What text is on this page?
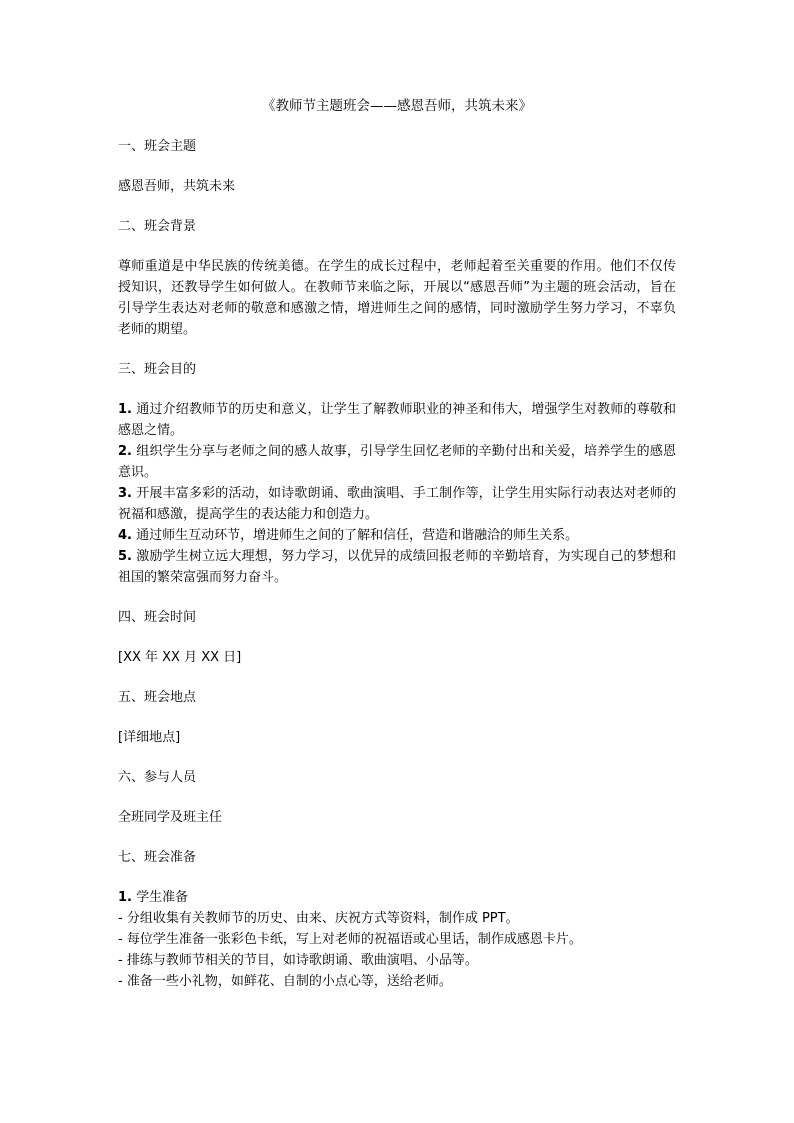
《教师节主题班会——感恩吾师，共筑未来》
一、班会主题
感恩吾师，共筑未来
二、班会背景
尊师重道是中华民族的传统美德。在学生的成长过程中，老师起着至关重要的作用。他们不仅传授知识，还教导学生如何做人。在教师节来临之际，开展以“感恩吾师”为主题的班会活动，旨在引导学生表达对老师的敬意和感激之情，增进师生之间的感情，同时激励学生努力学习，不辜负老师的期望。
三、班会目的
1. 通过介绍教师节的历史和意义，让学生了解教师职业的神圣和伟大，增强学生对教师的尊敬和感恩之情。
2. 组织学生分享与老师之间的感人故事，引导学生回忆老师的辛勤付出和关爱，培养学生的感恩意识。
3. 开展丰富多彩的活动，如诗歌朗诵、歌曲演唱、手工制作等，让学生用实际行动表达对老师的祝福和感激，提高学生的表达能力和创造力。
4. 通过师生互动环节，增进师生之间的了解和信任，营造和谐融洽的师生关系。
5. 激励学生树立远大理想，努力学习，以优异的成绩回报老师的辛勤培育，为实现自己的梦想和祖国的繁荣富强而努力奋斗。
四、班会时间
[XX 年 XX 月 XX 日]
五、班会地点
[详细地点]
六、参与人员
全班同学及班主任
七、班会准备
1. 学生准备
- 分组收集有关教师节的历史、由来、庆祝方式等资料，制作成 PPT。
- 每位学生准备一张彩色卡纸，写上对老师的祝福语或心里话，制作成感恩卡片。
- 排练与教师节相关的节目，如诗歌朗诵、歌曲演唱、小品等。
- 准备一些小礼物，如鲜花、自制的小点心等，送给老师。
